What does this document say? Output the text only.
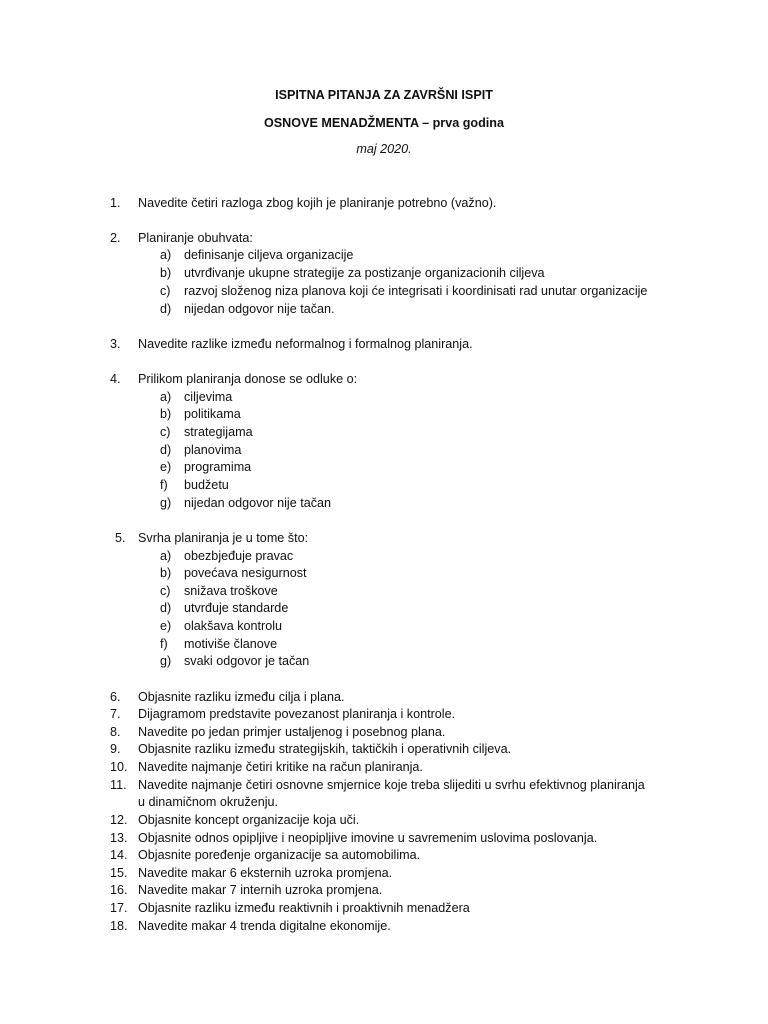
ISPITNA PITANJA ZA ZAVRŠNI ISPIT
OSNOVE MENADŽMENTA – prva godina
maj 2020.
1.	Navedite četiri razloga zbog kojih je planiranje potrebno (važno).
2.	Planiranje obuhvata:
a)	definisanje ciljeva organizacije
b)	utvrđivanje ukupne strategije za postizanje organizacionih ciljeva
c)	razvoj složenog niza planova koji će integrisati i koordinisati rad unutar organizacije
d)	nijedan odgovor nije tačan.
3.	Navedite razlike između neformalnog i formalnog planiranja.
4.	Prilikom planiranja donose se odluke o:
a)	ciljevima
b)	politikama
c)	strategijama
d)	planovima
e)	programima
f)	budžetu
g)	nijedan odgovor nije tačan
5. Svrha planiranja je u tome što:
a)	obezbjeđuje pravac
b)	povećava nesigurnost
c)	snižava troškove
d)	utvrđuje standarde
e)	olakšava kontrolu
f)	motiviše članove
g)	svaki odgovor je tačan
6.	Objasnite razliku između cilja i plana.
7.	Dijagramom predstavite povezanost planiranja i kontrole.
8.	Navedite po jedan primjer ustaljenog i posebnog plana.
9.	Objasnite razliku između strategijskih, taktičkih i operativnih ciljeva.
10. Navedite najmanje četiri kritike na račun planiranja.
11. Navedite najmanje četiri osnovne smjernice koje treba slijediti u svrhu efektivnog planiranja
u dinamičnom okruženju.
12. Objasnite koncept organizacije koja uči.
13. Objasnite odnos opipljive i neopipljive imovine u savremenim uslovima poslovanja.
14. Objasnite poređenje organizacije sa automobilima.
15. Navedite makar 6 eksternih uzroka promjena.
16. Navedite makar 7 internih uzroka promjena.
17. Objasnite razliku između reaktivnih i proaktivnih menadžera
18. Navedite makar 4 trenda digitalne ekonomije.
